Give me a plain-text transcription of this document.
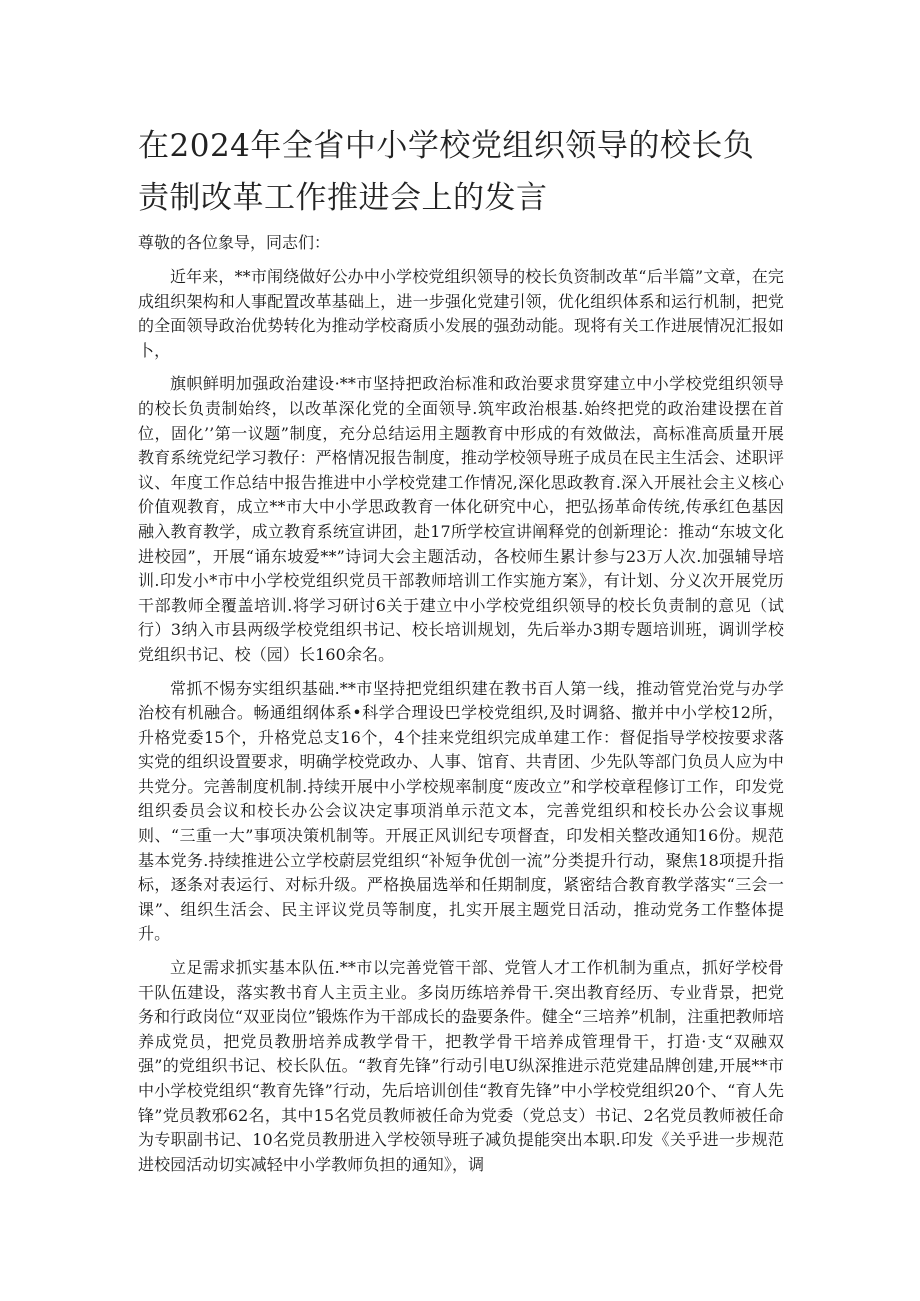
在2024年全省中小学校党组织领导的校长负责制改革工作推进会上的发言

尊敬的各位象导，同志们：

近年来，**市闱绕做好公办中小学校党组织领导的校长负资制改革“后半篇”文章，在完成组织架构和人事配置改革基础上，进一步强化党建引领，优化组织体系和运行机制，把党的全面领导政治优势转化为推动学校裔质小发展的强劲动能。现将有关工作进展情况汇报如卜，

旗帜鲜明加强政治建设·**市坚持把政治标准和政治要求贯穿建立中小学校党组织领导的校长负责制始终，以改革深化党的全面领导.筑牢政治根基.始终把党的政治建设摆在首位，固化’’第一议题”制度，充分总结运用主题教育中形成的有效做法，高标准高质量开展教育系统党纪学习教仔：严格情况报告制度，推动学校领导班子成员在民主生活会、述职评议、年度工作总结中报告推进中小学校党建工作情况,深化思政教育.深入开展社会主义核心价值观教育，成立**市大中小学思政教育一体化研究中心，把弘扬革命传统,传承红色基因融入教育教学，成立教育系统宣讲团，赴17所学校宣讲阐释党的创新理论：推动“东坡文化进校园”，开展“诵东坡爱**”诗词大会主题活动，各校师生累计参与23万人次.加强辅导培训.印发小*市中小学校党组织党员干部教师培训工作实施方案》，有计划、分义次开展党历干部教师全覆盖培训.将学习研讨6关于建立中小学校党组织领导的校长负责制的意见（试行）3纳入市县两级学校党组织书记、校长培训规划，先后举办3期专题培训班，调训学校党组织书记、校（园）长160余名。

常抓不惕夯实组织基础.**市坚持把党组织建在教书百人第一线，推动管党治党与办学治校有机融合。畅通组纲体系•科学合理设巴学校党组织,及时调貉、撤并中小学校12所，升格党委15个，升格党总支16个，4个挂来党组织完成单建工作：督促指导学校按要求落实党的组织设置要求，明确学校党政办、人事、馆育、共青团、少先队等部门负员人应为中共党分。完善制度机制.持续开展中小学校规率制度“废改立”和学校章程修订工作，印发党组织委员会议和校长办公会议决定事项消单示范文本，完善党组织和校长办公会议事规则、“三重一大”事项决策机制等。开展正风训纪专项督査，印发相关整改通知16份。规范基本党务.持续推进公立学校蔚层党组织“补短争优创一流”分类提升行动，聚焦18项提升指标，逐条对表运行、对标升级。严格换届选举和任期制度，紧密结合教育教学落实“三会一课”、组织生活会、民主评议党员等制度，扎实开展主题党日活动，推动党务工作整体提升。

立足需求抓实基本队伍.**市以完善党管干部、党管人才工作机制为重点，抓好学校骨干队伍建设，落实教书育人主贡主业。多岗历练培养骨干.突出教育经历、专业背景，把党务和行政岗位“双亚岗位”锻炼作为干部成长的盎要条件。健全“三培养”机制，注重把教师培养成党员，把党员教册培养成教学骨干，把教学骨干培养成管理骨干，打造·支“双融双强”的党组织书记、校长队伍。“教育先锋”行动引电U纵深推进示范党建品牌创建,开展**市中小学校党组织“教育先锋”行动，先后培训创佳“教育先锋”中小学校党组织20个、“育人先锋”党员教邪62名，其中15名党员教师被任命为党委（党总支）书记、2名党员教师被任命为专职副书记、10名党员教册进入学校领导班子减负提能突出本职.印发《关乎进一步规范进校园活动切实减轻中小学教师负担的通知》，调
